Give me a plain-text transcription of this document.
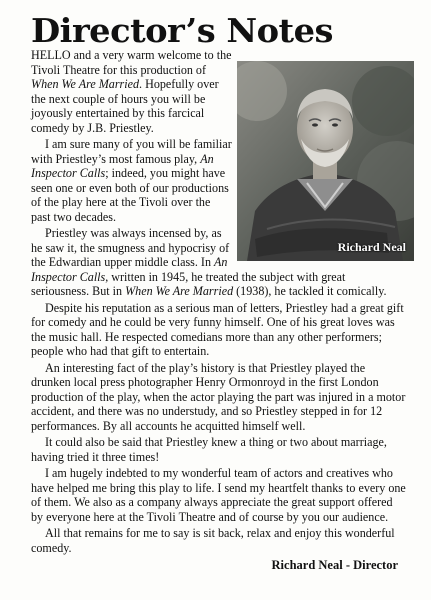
Director’s Notes
Richard Neal

HELLO and a very warm welcome to the Tivoli Theatre for this production of When We Are Married. Hopefully over the next couple of hours you will be joyously entertained by this farcical comedy by J.B. Priestley.

I am sure many of you will be familiar with Priestley’s most famous play, An Inspector Calls; indeed, you might have seen one or even both of our productions of the play here at the Tivoli over the past two decades.

Priestley was always incensed by, as he saw it, the smugness and hypocrisy of the Edwardian upper middle class. In An Inspector Calls, written in 1945, he treated the subject with great seriousness. But in When We Are Married (1938), he tackled it comically.

Despite his reputation as a serious man of letters, Priestley had a great gift for comedy and he could be very funny himself. One of his great loves was the music hall. He respected comedians more than any other performers; people who had that gift to entertain.

An interesting fact of the play’s history is that Priestley played the drunken local press photographer Henry Ormonroyd in the first London production of the play, when the actor playing the part was injured in a motor accident, and there was no understudy, and so Priestley stepped in for 12 performances. By all accounts he acquitted himself well.

It could also be said that Priestley knew a thing or two about marriage, having tried it three times!

I am hugely indebted to my wonderful team of actors and creatives who have helped me bring this play to life. I send my heartfelt thanks to every one of them. We also as a company always appreciate the great support offered by everyone here at the Tivoli Theatre and of course by you our audience.

All that remains for me to say is sit back, relax and enjoy this wonderful comedy.

Richard Neal - Director
